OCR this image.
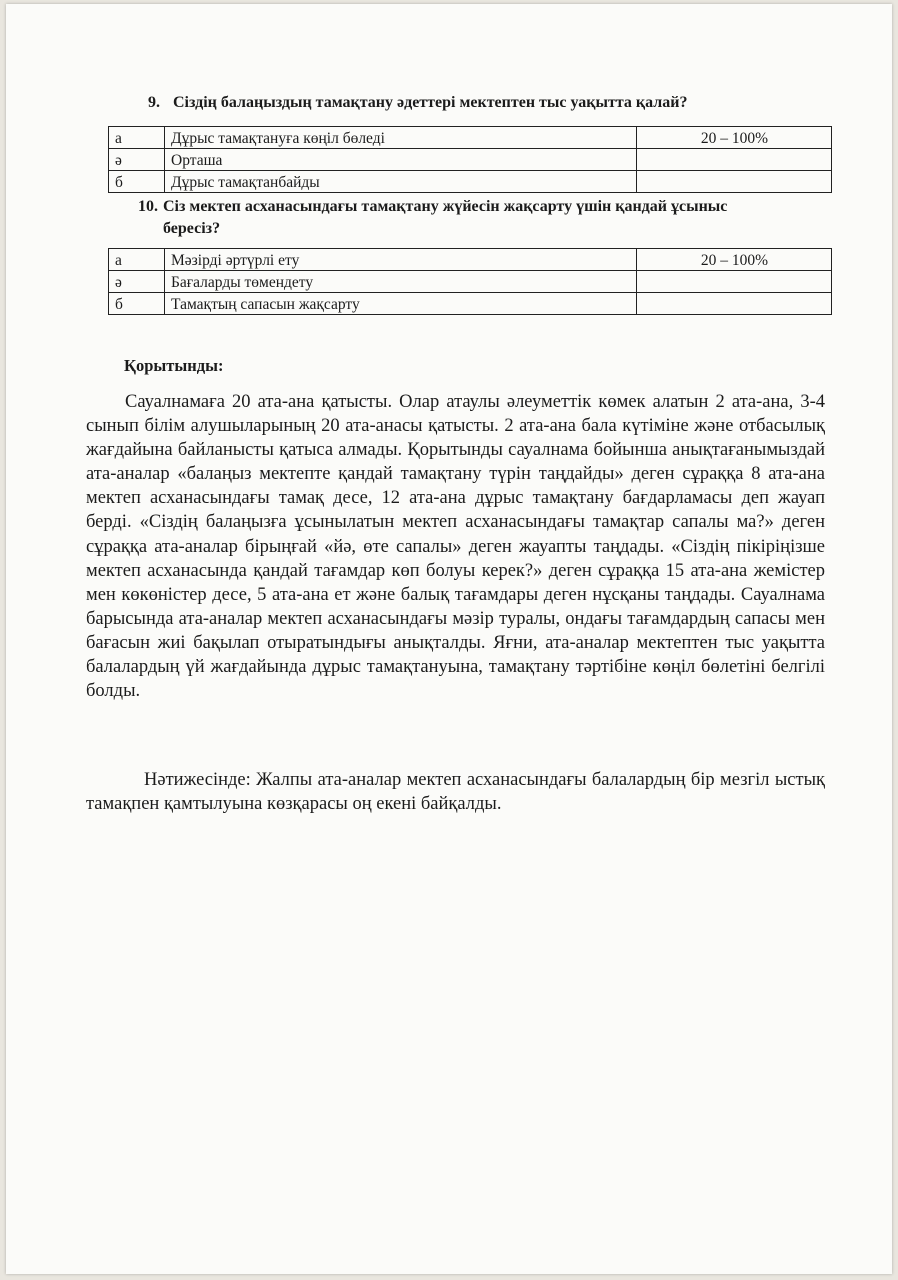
9. Сіздің балаңыздың тамақтану әдеттері мектептен тыс уақытта қалай?
а	Дұрыс тамақтануға көңіл бөледі	20 – 100%
ә	Орташа	
б	Дұрыс тамақтанбайды	
10. Сіз мектеп асханасындағы тамақтану жүйесін жақсарту үшін қандай ұсыныс бересіз?
а	Мәзірді әртүрлі ету	20 – 100%
ә	Бағаларды төмендету	
б	Тамақтың сапасын жақсарту	
Қорытынды:

Сауалнамаға 20 ата-ана қатысты. Олар атаулы әлеуметтік көмек алатын 2 ата-ана, 3-4 сынып білім алушыларының 20 ата-анасы қатысты. 2 ата-ана бала күтіміне және отбасылық жағдайына байланысты қатыса алмады. Қорытынды сауалнама бойынша анықтағанымыздай ата-аналар «балаңыз мектепте қандай тамақтану түрін таңдайды» деген сұраққа 8 ата-ана мектеп асханасындағы тамақ десе, 12 ата-ана дұрыс тамақтану бағдарламасы деп жауап берді. «Сіздің балаңызға ұсынылатын мектеп асханасындағы тамақтар сапалы ма?» деген сұраққа ата-аналар бірыңғай «йә, өте сапалы» деген жауапты таңдады. «Сіздің пікіріңізше мектеп асханасында қандай тағамдар көп болуы керек?» деген сұраққа 15 ата-ана жемістер мен көкөністер десе, 5 ата-ана ет және балық тағамдары деген нұсқаны таңдады. Сауалнама барысында ата-аналар мектеп асханасындағы мәзір туралы, ондағы тағамдардың сапасы мен бағасын жиі бақылап отыратындығы анықталды. Яғни, ата-аналар мектептен тыс уақытта балалардың үй жағдайында дұрыс тамақтануына, тамақтану тәртібіне көңіл бөлетіні белгілі болды.

Нәтижесінде: Жалпы ата-аналар мектеп асханасындағы балалардың бір мезгіл ыстық тамақпен қамтылуына көзқарасы оң екені байқалды.
